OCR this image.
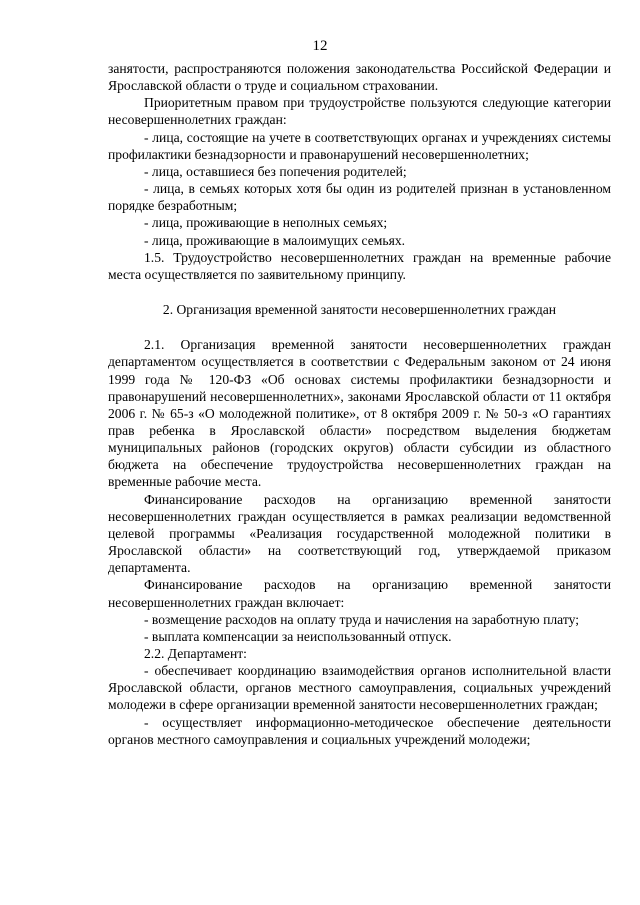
12

занятости, распространяются положения законодательства Российской Федерации и Ярославской области о труде и социальном страховании.

Приоритетным правом при трудоустройстве пользуются следующие категории несовершеннолетних граждан:

- лица, состоящие на учете в соответствующих органах и учреждениях системы профилактики безнадзорности и правонарушений несовершеннолетних;

- лица, оставшиеся без попечения родителей;

- лица, в семьях которых хотя бы один из родителей признан в установленном порядке безработным;

- лица, проживающие в неполных семьях;

- лица, проживающие в малоимущих семьях.

1.5. Трудоустройство несовершеннолетних граждан на временные рабочие места осуществляется по заявительному принципу.

2. Организация временной занятости несовершеннолетних граждан

2.1. Организация временной занятости несовершеннолетних граждан департаментом осуществляется в соответствии с Федеральным законом от 24 июня 1999 года № 120-ФЗ «Об основах системы профилактики безнадзорности и правонарушений несовершеннолетних», законами Ярославской области от 11 октября 2006 г. № 65-з «О молодежной политике», от 8 октября 2009 г. № 50-з «О гарантиях прав ребенка в Ярославской области» посредством выделения бюджетам муниципальных районов (городских округов) области субсидии из областного бюджета на обеспечение трудоустройства несовершеннолетних граждан на временные рабочие места.

Финансирование расходов на организацию временной занятости несовершеннолетних граждан осуществляется в рамках реализации ведомственной целевой программы «Реализация государственной молодежной политики в Ярославской области» на соответствующий год, утверждаемой приказом департамента.

Финансирование расходов на организацию временной занятости несовершеннолетних граждан включает:

- возмещение расходов на оплату труда и начисления на заработную плату;

- выплата компенсации за неиспользованный отпуск.

2.2. Департамент:

- обеспечивает координацию взаимодействия органов исполнительной власти Ярославской области, органов местного самоуправления, социальных учреждений молодежи в сфере организации временной занятости несовершеннолетних граждан;

- осуществляет информационно-методическое обеспечение деятельности органов местного самоуправления и социальных учреждений молодежи;
